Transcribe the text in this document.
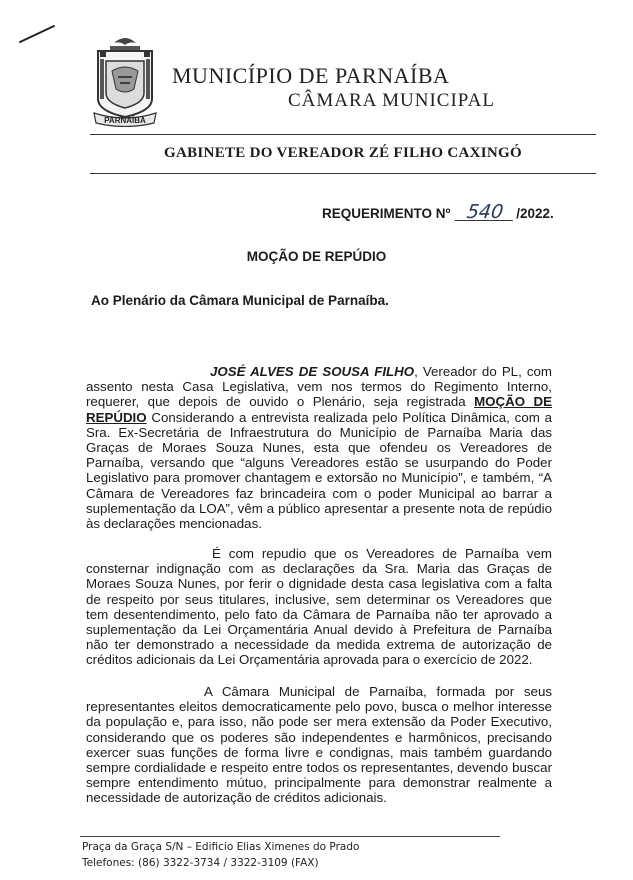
PARNAÍBA
MUNICÍPIO DE PARNAÍBA
CÂMARA MUNICIPAL
GABINETE DO VEREADOR ZÉ FILHO CAXINGÓ
REQUERIMENTO Nº 540 /2022.
MOÇÃO DE REPÚDIO
Ao Plenário da Câmara Municipal de Parnaíba.
JOSÉ ALVES DE SOUSA FILHO, Vereador do PL, com assento nesta Casa Legislativa, vem nos termos do Regimento Interno, requerer, que depois de ouvido o Plenário, seja registrada MOÇÃO DE REPÚDIO Considerando a entrevista realizada pelo Política Dinâmica, com a Sra. Ex-Secretária de Infraestrutura do Município de Parnaíba Maria das Graças de Moraes Souza Nunes, esta que ofendeu os Vereadores de Parnaíba, versando que “alguns Vereadores estão se usurpando do Poder Legislativo para promover chantagem e extorsão no Município”, e também, “A Câmara de Vereadores faz brincadeira com o poder Municipal ao barrar a suplementação da LOA”, vêm a público apresentar a presente nota de repúdio às declarações mencionadas.
É com repudio que os Vereadores de Parnaíba vem consternar indignação com as declarações da Sra. Maria das Graças de Moraes Souza Nunes, por ferir o dignidade desta casa legislativa com a falta de respeito por seus titulares, inclusive, sem determinar os Vereadores que tem desentendimento, pelo fato da Câmara de Parnaíba não ter aprovado a suplementação da Lei Orçamentária Anual devido à Prefeitura de Parnaíba não ter demonstrado a necessidade da medida extrema de autorização de créditos adicionais da Lei Orçamentária aprovada para o exercício de 2022.
A Câmara Municipal de Parnaíba, formada por seus representantes eleitos democraticamente pelo povo, busca o melhor interesse da população e, para isso, não pode ser mera extensão da Poder Executivo, considerando que os poderes são independentes e harmônicos, precisando exercer suas funções de forma livre e condignas, mais também guardando sempre cordialidade e respeito entre todos os representantes, devendo buscar sempre entendimento mútuo, principalmente para demonstrar realmente a necessidade de autorização de créditos adicionais.
Praça da Graça S/N – Edificio Elias Ximenes do Prado
Telefones: (86) 3322-3734 / 3322-3109 (FAX)
